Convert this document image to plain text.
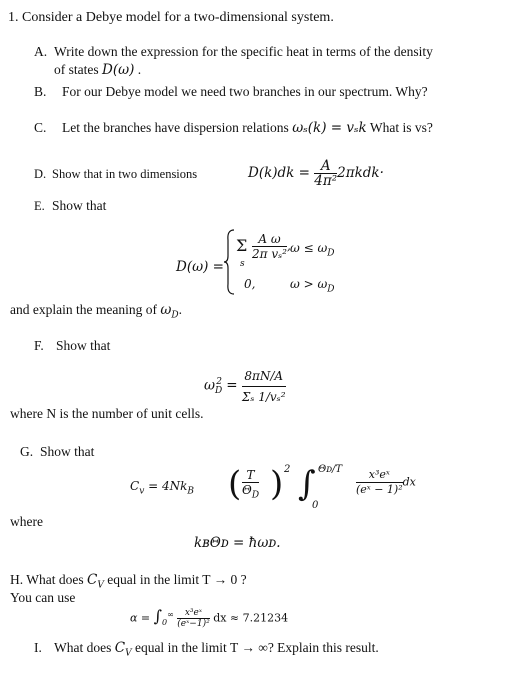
1. Consider a Debye model for a two-dimensional system.
A. Write down the expression for the specific heat in terms of the density
of states D(ω) .
B. For our Debye model we need two branches in our spectrum. Why?
C. Let the branches have dispersion relations ωₛ(k) = vₛk What is vs?
D. Show that in two dimensions	$D(k)dk = \frac{A}{\text{4π²}} 2\pi kdk\cdot$
E. Show that
D(ω) =
Σ
s
$\frac{\text{A ω}}{\text{2π vₛ²}}$ , $\omega \le \omega_D$
0,	$\omega > \omega_D$
and explain the meaning of $\omega_D$.
F. Show that
$\omega_D^2 = \frac{8\pi N/A}{\text{Σₛ 1/vₛ²}}$
where N is the number of unit cells.
G. Show that
$C_v = 4Nk_B$ ( $\frac{T}{\Theta_D}$ ) 2 ∫ Θᴅ/T
0
$\frac{\text{x³eˣ}}{\text{(eˣ − 1)²}}$ dx
where
kʙΘᴅ = ħωᴅ.
H. What does $C_V$ equal in the limit T → 0 ?
You can use
$\alpha = \int_0^\infty \frac{\text{x³eˣ}}{\text{(eˣ−1)²}}$ dx ≈ 7.21234
I. What does $C_V$ equal in the limit T → ∞? Explain this result.
